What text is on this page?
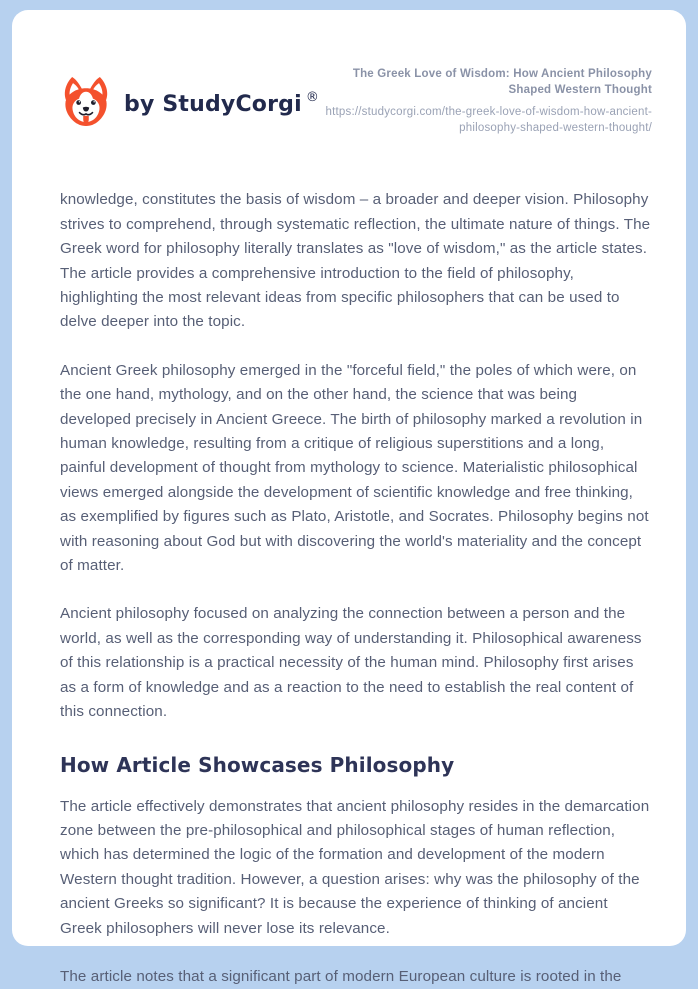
by StudyCorgi ®
The Greek Love of Wisdom: How Ancient Philosophy Shaped Western Thought
https://studycorgi.com/the-greek-love-of-wisdom-how-ancient-philosophy-shaped-western-thought/

knowledge, constitutes the basis of wisdom – a broader and deeper vision. Philosophy strives to comprehend, through systematic reflection, the ultimate nature of things. The Greek word for philosophy literally translates as "love of wisdom," as the article states. The article provides a comprehensive introduction to the field of philosophy, highlighting the most relevant ideas from specific philosophers that can be used to delve deeper into the topic.

Ancient Greek philosophy emerged in the "forceful field," the poles of which were, on the one hand, mythology, and on the other hand, the science that was being developed precisely in Ancient Greece. The birth of philosophy marked a revolution in human knowledge, resulting from a critique of religious superstitions and a long, painful development of thought from mythology to science. Materialistic philosophical views emerged alongside the development of scientific knowledge and free thinking, as exemplified by figures such as Plato, Aristotle, and Socrates. Philosophy begins not with reasoning about God but with discovering the world's materiality and the concept of matter.

Ancient philosophy focused on analyzing the connection between a person and the world, as well as the corresponding way of understanding it. Philosophical awareness of this relationship is a practical necessity of the human mind. Philosophy first arises as a form of knowledge and as a reaction to the need to establish the real content of this connection.

How Article Showcases Philosophy

The article effectively demonstrates that ancient philosophy resides in the demarcation zone between the pre-philosophical and philosophical stages of human reflection, which has determined the logic of the formation and development of the modern Western thought tradition. However, a question arises: why was the philosophy of the ancient Greeks so significant? It is because the experience of thinking of ancient Greek philosophers will never lose its relevance.

The article notes that a significant part of modern European culture is rooted in the
